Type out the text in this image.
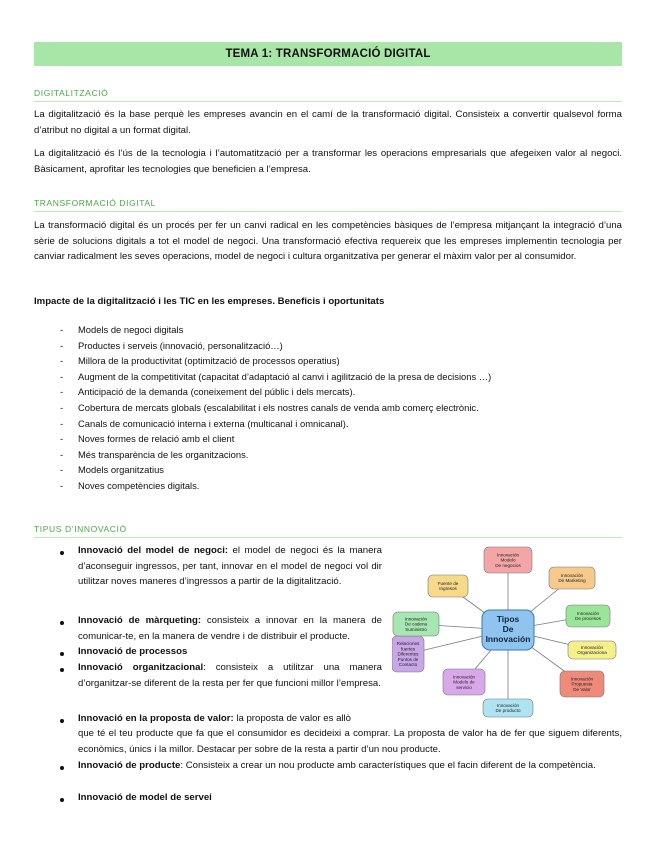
TEMA 1: TRANSFORMACIÓ DIGITAL
DIGITALITZACIÓ

La digitalització és la base perquè les empreses avancin en el camí de la transformació digital. Consisteix a convertir qualsevol forma d’atribut no digital a un format digital.

La digitalització és l’ús de la tecnologia i l’automatització per a transformar les operacions empresarials que afegeixen valor al negoci. Bàsicament, aprofitar les tecnologies que beneficien a l’empresa.

TRANSFORMACIÓ DIGITAL

La transformació digital és un procés per fer un canvi radical en les competències bàsiques de l’empresa mitjançant la integració d’una sèrie de solucions digitals a tot el model de negoci. Una transformació efectiva requereix que les empreses implementin tecnologia per canviar radicalment les seves operacions, model de negoci i cultura organitzativa per generar el màxim valor per al consumidor.

Impacte de la digitalització i les TIC en les empreses. Beneficis i oportunitats
- Models de negoci digitals
- Productes i serveis (innovació, personalització…)
- Millora de la productivitat (optimització de processos operatius)
- Augment de la competitivitat (capacitat d’adaptació al canvi i agilització de la presa de decisions …)
- Anticipació de la demanda (coneixement del públic i dels mercats).
- Cobertura de mercats globals (escalabilitat i els nostres canals de venda amb comerç electrònic.
- Canals de comunicació interna i externa (multicanal i omnicanal).
- Noves formes de relació amb el client
- Més transparència de les organitzacions.
- Models organitzatius
- Noves competències digitals.
TIPUS D’INNOVACIÓ

Innovació del model de negoci: el model de negoci és la manera d’aconseguir ingressos, per tant, innovar en el model de negoci vol dir utilitzar noves maneres d’ingressos a partir de la digitalització.

Innovació de màrqueting: consisteix a innovar en la manera de comunicar-te, en la manera de vendre i de distribuir el producte.

Innovació de processos

Innovació organitzacional: consisteix a utilitzar una manera d’organitzar-se diferent de la resta per fer que funcioni millor l’empresa.

Innovació en la proposta de valor: la proposta de valor es allò

que té el teu producte que fa que el consumidor es decideixi a comprar. La proposta de valor ha de fer que siguem diferents, econòmics, únics i la millor. Destacar per sobre de la resta a partir d’un nou producte.

Innovació de producte: Consisteix a crear un nou producte amb característiques que el facin diferent de la competència.

Innovació de model de servei

Tipos
De
Innovación
Innovación
Modelo
De negocios
Innovación
De Marketing
Innovación
De procesos
Innovación
Organizaciona
Innovación
Propuesta
De Valor
Innovación
De producto
Innovación
Modelo de
servicio
Relaciones
fuertes
Diferentes
Puntos de
Contacto
Innovación
De cadena
Suministro
Fuente de
Ingresos
